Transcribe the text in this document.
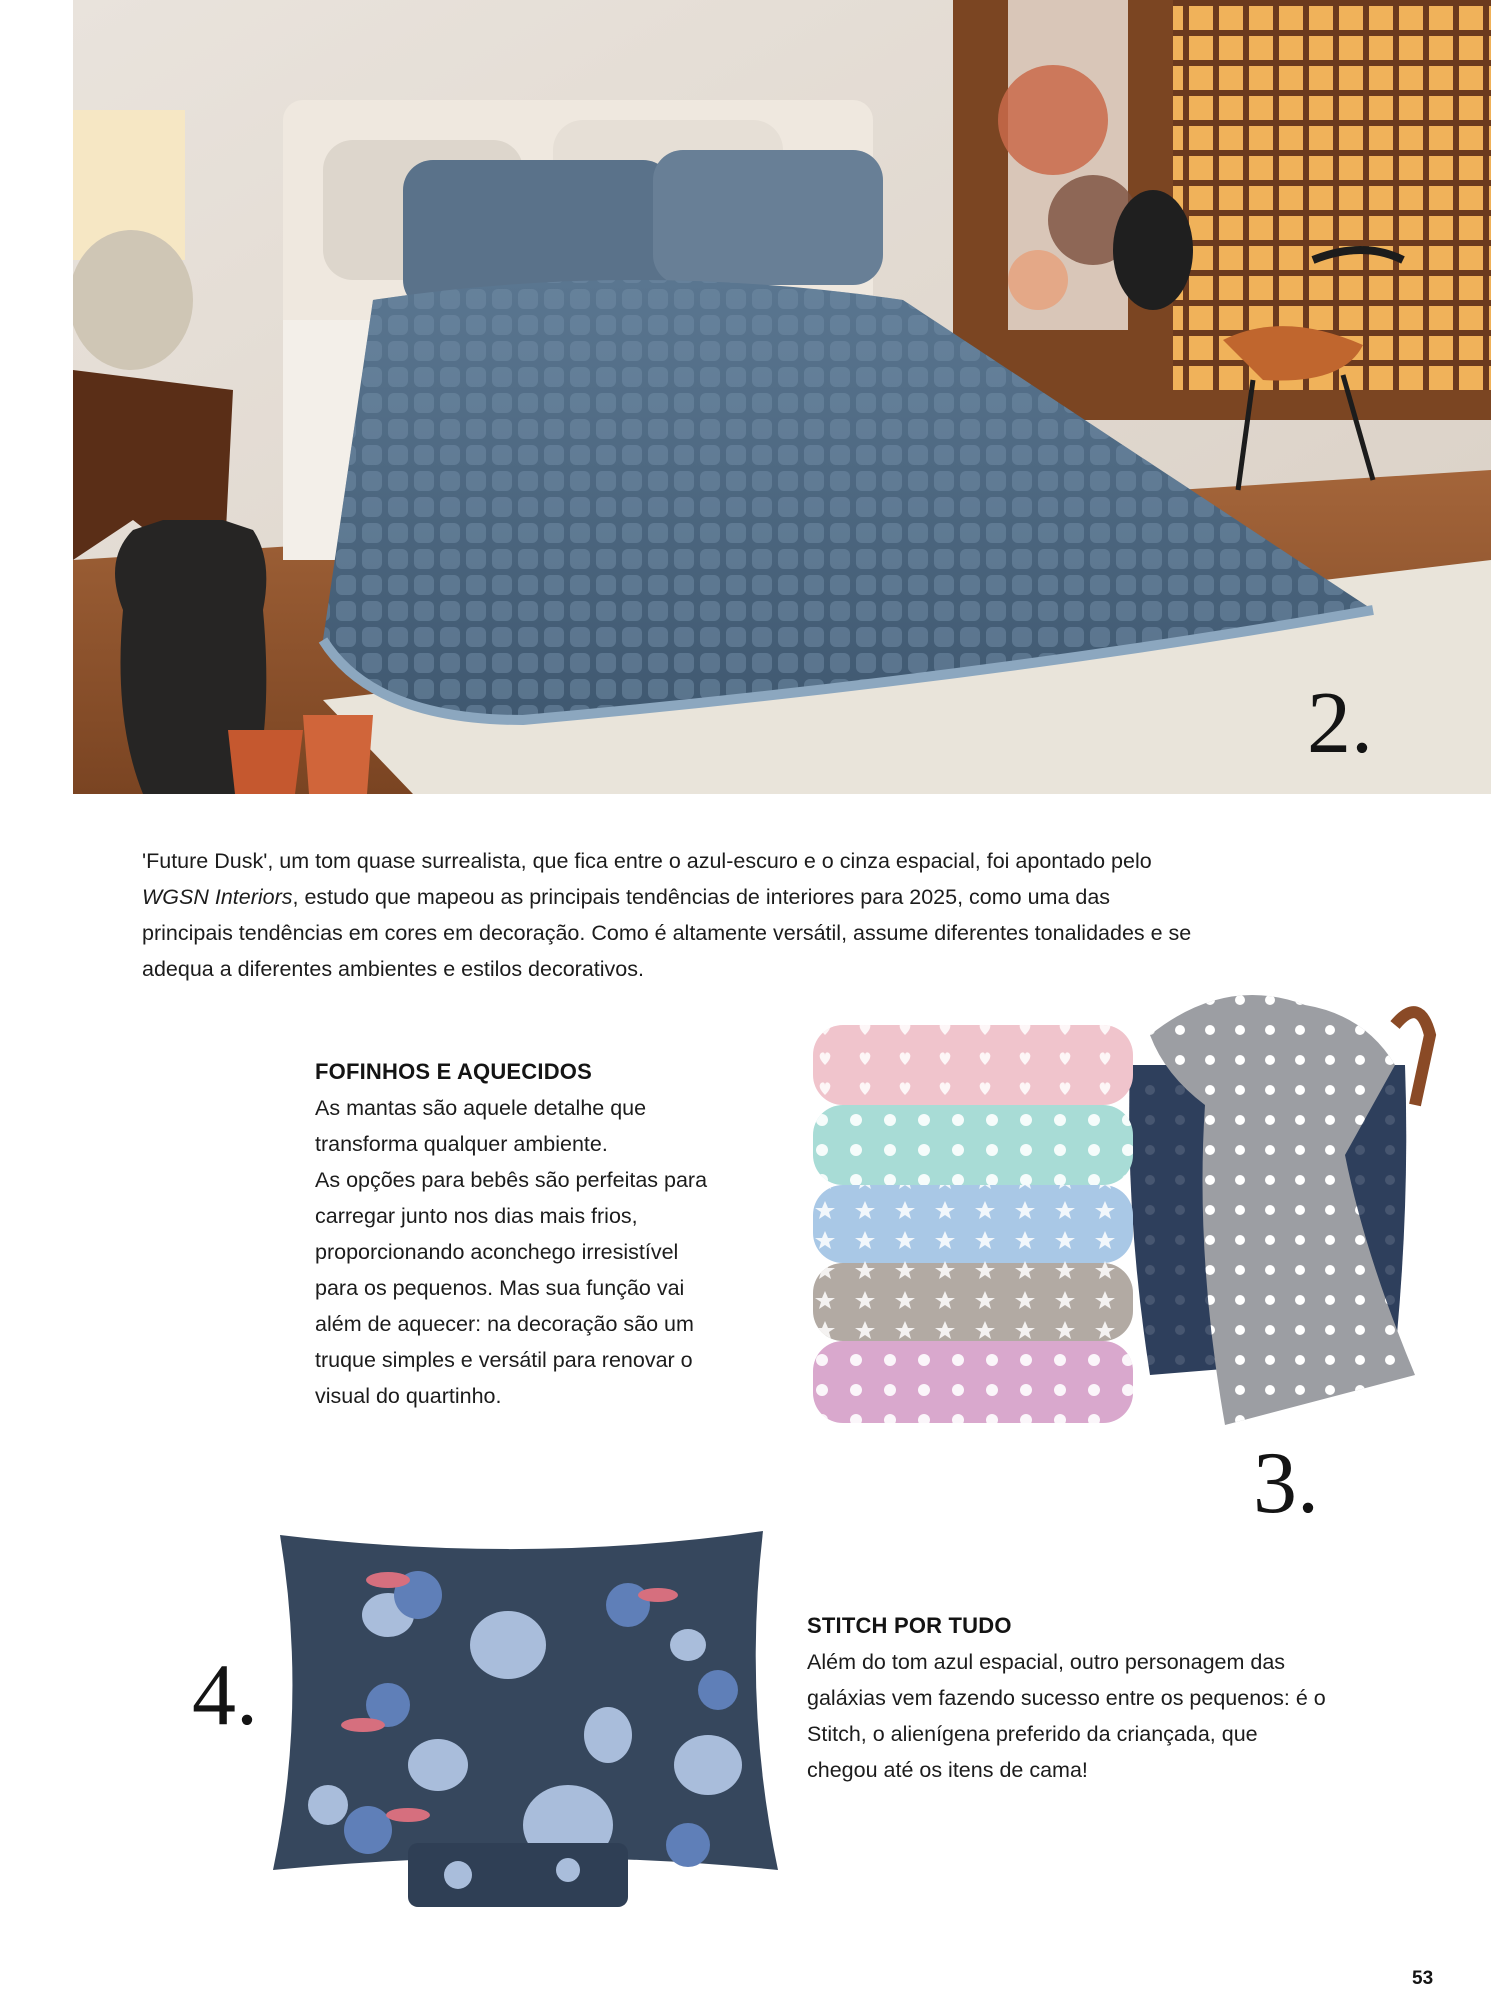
2.

'Future Dusk', um tom quase surrealista, que fica entre o azul-escuro e o cinza espacial, foi apontado pelo WGSN Interiors, estudo que mapeou as principais tendências de interiores para 2025, como uma das principais tendências em cores em decoração. Como é altamente versátil, assume diferentes tonalidades e se adequa a diferentes ambientes e estilos decorativos.

FOFINHOS E AQUECIDOS

As mantas são aquele detalhe que transforma qualquer ambiente.

As opções para bebês são perfeitas para carregar junto nos dias mais frios, proporcionando aconchego irresistível para os pequenos. Mas sua função vai além de aquecer: na decoração são um truque simples e versátil para renovar o visual do quartinho.

3.
4.
STITCH POR TUDO

Além do tom azul espacial, outro personagem das galáxias vem fazendo sucesso entre os pequenos: é o Stitch, o alienígena preferido da criançada, que chegou até os itens de cama!

53
